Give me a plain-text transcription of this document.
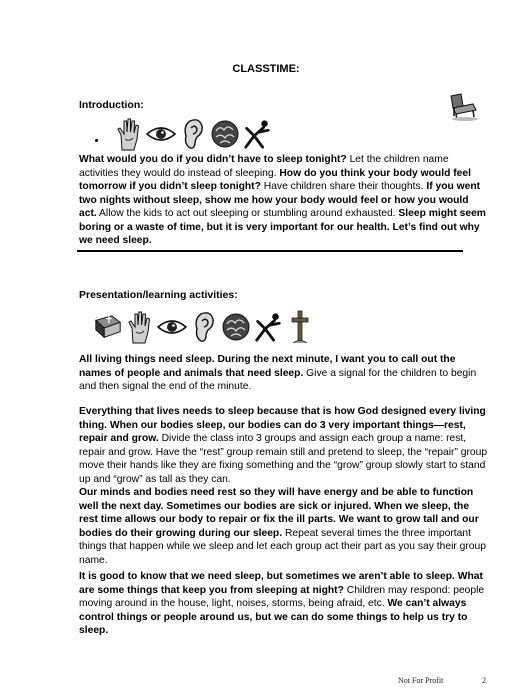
CLASSTIME:
Introduction:
What would you do if you didn’t have to sleep tonight? Let the children name activities they would do instead of sleeping. How do you think your body would feel tomorrow if you didn’t sleep tonight? Have children share their thoughts. If you went two nights without sleep, show me how your body would feel or how you would act. Allow the kids to act out sleeping or stumbling around exhausted. Sleep might seem boring or a waste of time, but it is very important for our health. Let’s find out why we need sleep.
Presentation/learning activities:
All living things need sleep. During the next minute, I want you to call out the names of people and animals that need sleep. Give a signal for the children to begin and then signal the end of the minute.
Everything that lives needs to sleep because that is how God designed every living thing. When our bodies sleep, our bodies can do 3 very important things—rest, repair and grow. Divide the class into 3 groups and assign each group a name: rest, repair and grow. Have the “rest” group remain still and pretend to sleep, the “repair” group move their hands like they are fixing something and the “grow” group slowly start to stand up and “grow” as tall as they can.
Our minds and bodies need rest so they will have energy and be able to function well the next day. Sometimes our bodies are sick or injured. When we sleep, the rest time allows our body to repair or fix the ill parts. We want to grow tall and our bodies do their growing during our sleep. Repeat several times the three important things that happen while we sleep and let each group act their part as you say their group name.
It is good to know that we need sleep, but sometimes we aren’t able to sleep. What are some things that keep you from sleeping at night? Children may respond: people moving around in the house, light, noises, storms, being afraid, etc. We can’t always control things or people around us, but we can do some things to help us try to sleep.
Not For Profit	2
